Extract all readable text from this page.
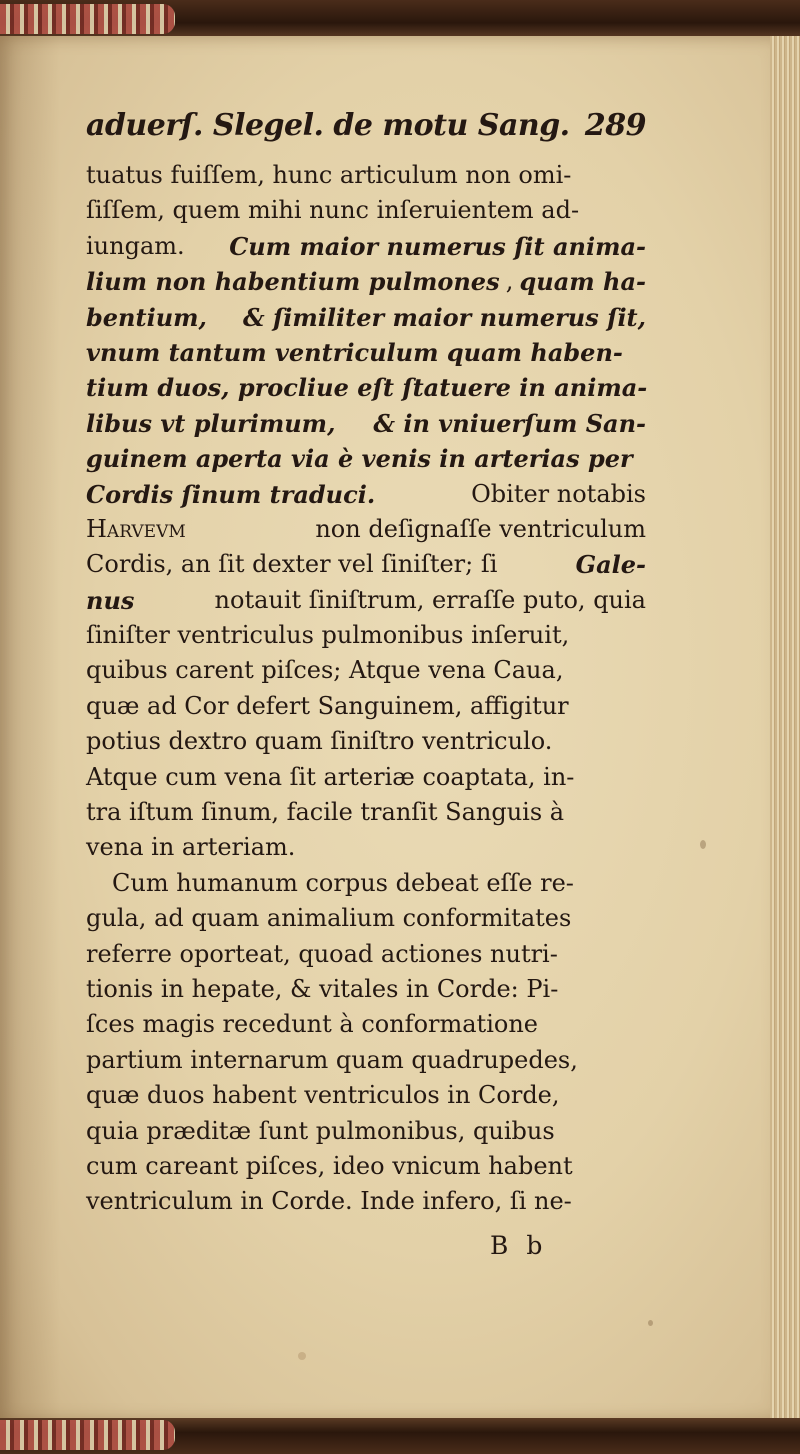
aduerſ. Slegel. de motu Sang. 289
tuatus fuiſſem, hunc articulum non omi-
ſiſſem, quem mihi nunc inſeruientem ad-
iungam. Cum maior numerus ſit anima-
lium non habentium pulmones , quam ha-
bentium, & ſimiliter maior numerus ſit,
vnum tantum ventriculum quam haben-
tium duos, procliue eſt ſtatuere in anima-
libus vt plurimum, & in vniuerſum San-
guinem aperta via è venis in arterias per
Cordis ſinum traduci.	Obiter notabis
Harvevm	non deſignaſſe ventriculum
Cordis, an ſit dexter vel ſiniſter; ſi	Gale-
nus	notauit ſiniſtrum, erraſſe puto, quia
ſiniſter ventriculus pulmonibus inſeruit,
quibus carent piſces; Atque vena Caua,
quæ ad Cor defert Sanguinem, affigitur
potius dextro quam ſiniſtro ventriculo.
Atque cum vena ſit arteriæ coaptata, in-
tra iſtum ſinum, facile tranſit Sanguis à
vena in arteriam.
Cum humanum corpus debeat eſſe re-
gula, ad quam animalium conformitates
referre oporteat, quoad actiones nutri-
tionis in hepate, & vitales in Corde: Pi-
ſces magis recedunt à conformatione
partium internarum quam quadrupedes,
quæ duos habent ventriculos in Corde,
quia præditæ ſunt pulmonibus, quibus
cum careant piſces, ideo vnicum habent
ventriculum in Corde. Inde infero, ſi ne-
B b
